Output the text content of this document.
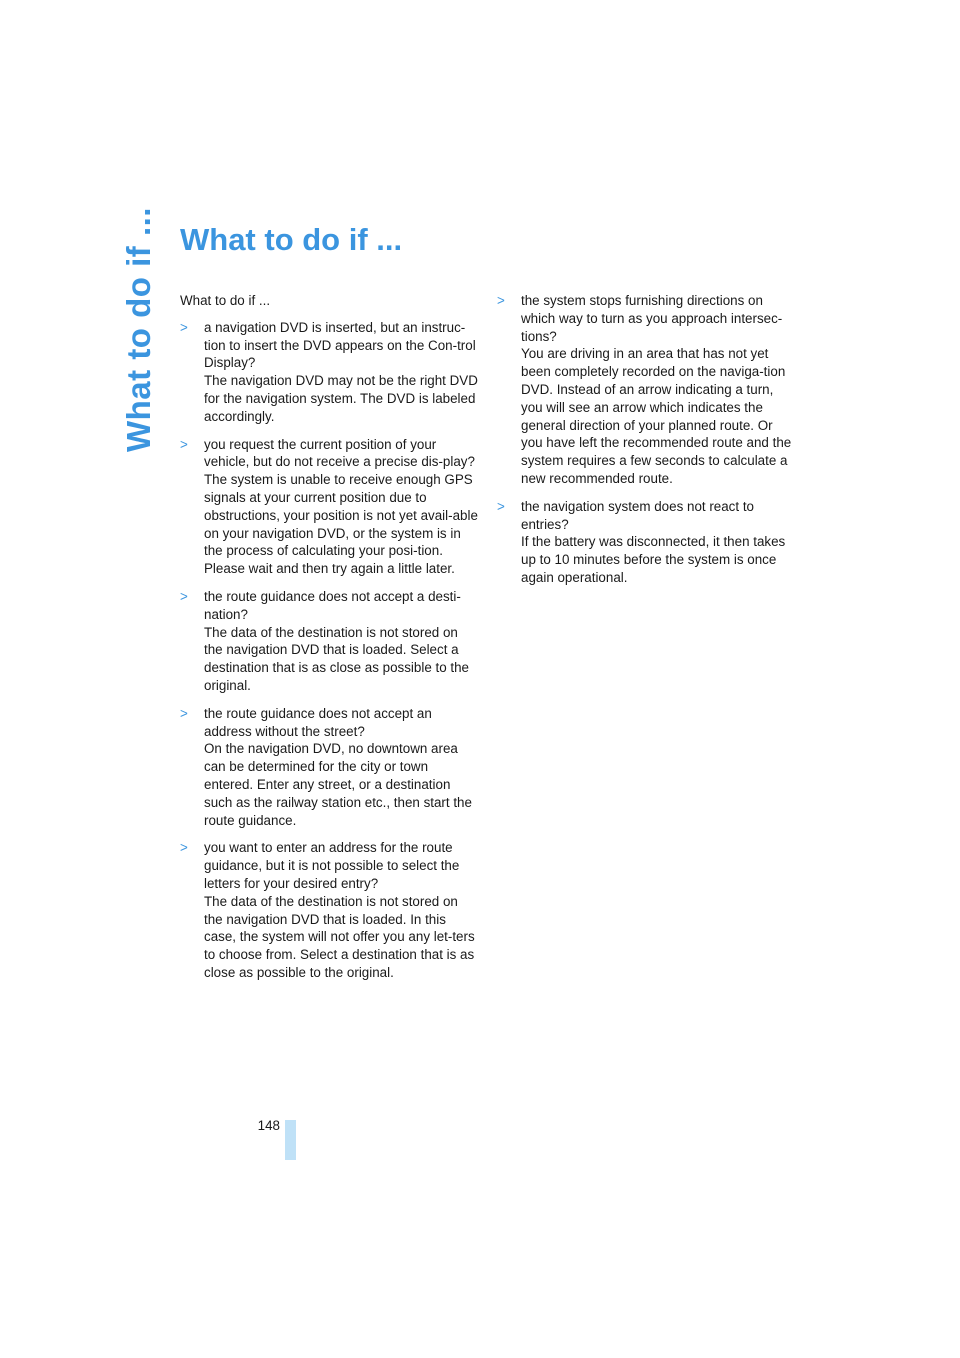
What to do if ... What to do if ...

What to do if ...

>	a navigation DVD is inserted, but an instruc-tion to insert the DVD appears on the Con-trol Display?
The navigation DVD may not be the right DVD for the navigation system. The DVD is labeled accordingly.
>	you request the current position of your vehicle, but do not receive a precise dis-play?
The system is unable to receive enough GPS signals at your current position due to obstructions, your position is not yet avail-able on your navigation DVD, or the system is in the process of calculating your posi-tion. Please wait and then try again a little later.
>	the route guidance does not accept a desti-nation?
The data of the destination is not stored on the navigation DVD that is loaded. Select a destination that is as close as possible to the original.
>	the route guidance does not accept an address without the street?
On the navigation DVD, no downtown area can be determined for the city or town entered. Enter any street, or a destination such as the railway station etc., then start the route guidance.
>	you want to enter an address for the route guidance, but it is not possible to select the letters for your desired entry?
The data of the destination is not stored on the navigation DVD that is loaded. In this case, the system will not offer you any let-ters to choose from. Select a destination that is as close as possible to the original.
>	the system stops furnishing directions on which way to turn as you approach intersec-tions?
You are driving in an area that has not yet been completely recorded on the naviga-tion DVD. Instead of an arrow indicating a turn, you will see an arrow which indicates the general direction of your planned route. Or you have left the recommended route and the system requires a few seconds to calculate a new recommended route.
>	the navigation system does not react to entries?
If the battery was disconnected, it then takes up to 10 minutes before the system is once again operational.
148
